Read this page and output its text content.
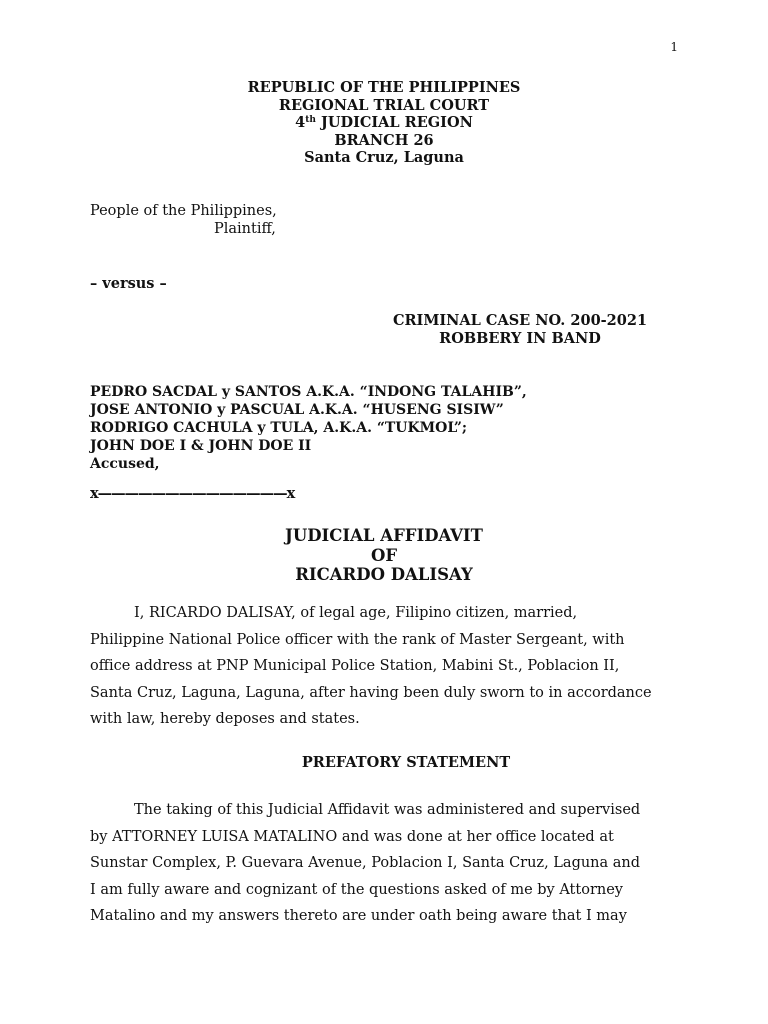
1
REPUBLIC OF THE PHILIPPINES
REGIONAL TRIAL COURT
4th JUDICIAL REGION
BRANCH 26
Santa Cruz, Laguna
People of the Philippines,
Plaintiff,
– versus –
CRIMINAL CASE NO. 200-2021
ROBBERY IN BAND
PEDRO SACDAL y SANTOS A.K.A. “INDONG TALAHIB”,
JOSE ANTONIO y PASCUAL A.K.A. “HUSENG SISIW”
RODRIGO CACHULA y TULA, A.K.A. “TUKMOL”;
JOHN DOE I & JOHN DOE II
Accused,
x——————————————x
JUDICIAL AFFIDAVIT
OF
RICARDO DALISAY
I, RICARDO DALISAY, of legal age, Filipino citizen, married,
Philippine National Police officer with the rank of Master Sergeant, with
office address at PNP Municipal Police Station, Mabini St., Poblacion II,
Santa Cruz, Laguna, Laguna, after having been duly sworn to in accordance
with law, hereby deposes and states.
PREFATORY STATEMENT
The taking of this Judicial Affidavit was administered and supervised
by ATTORNEY LUISA MATALINO and was done at her office located at
Sunstar Complex, P. Guevara Avenue, Poblacion I, Santa Cruz, Laguna and
I am fully aware and cognizant of the questions asked of me by Attorney
Matalino and my answers thereto are under oath being aware that I may
